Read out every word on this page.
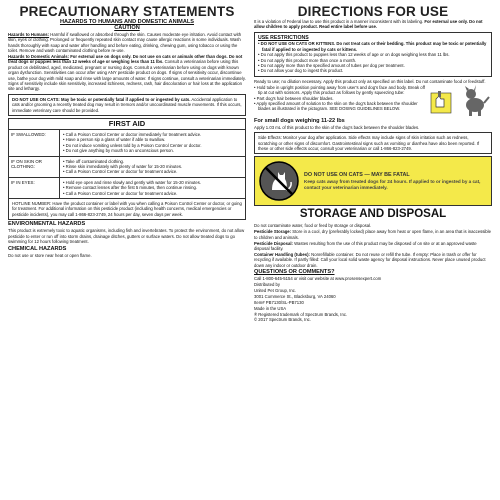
PRECAUTIONARY STATEMENTS
HAZARDS TO HUMANS AND DOMESTIC ANIMALS
CAUTION
Hazards to Humans: Harmful if swallowed or absorbed through the skin. Causes moderate eye irritation. Avoid contact with skin, eyes or clothing. Prolonged or frequently repeated skin contact may cause allergic reactions in some individuals. Wash hands thoroughly with soap and water after handling and before eating, drinking, chewing gum, using tobacco or using the toilet. Remove and wash contaminated clothing before re-use.
Hazards to Domestic Animals: For external use on dogs only. Do not use on cats or animals other than dogs. Do not treat dogs or puppies less than 12 weeks of age or weighing less than 11 lbs. Consult a veterinarian before using this product on debilitated, aged, medicated, pregnant or nursing dogs. Consult a veterinarian before using on dogs with known organ dysfunction. Sensitivities can occur after using ANY pesticide product on dogs. If signs of sensitivity occur, discontinue use, bathe your dog with mild soap and rinse with large amounts of water. If signs continue, consult a veterinarian immediately. Signs of sensitivity include skin sensitivity, increased itchiness, redness, rash, hair discoloration or hair loss at the application site and lethargy.
DO NOT USE ON CATS: May be toxic or potentially fatal if applied to or ingested by cats. Accidental application to cats and/or grooming a recently treated dog may result in tremors and/or uncoordinated muscle movements. If this occurs, immediate veterinary care should be provided.
FIRST AID
IF SWALLOWED:	• Call a Poison Control Center or doctor immediately for treatment advice.
• Have a person sip a glass of water if able to swallow.
• Do not induce vomiting unless told by a Poison Control Center or doctor.
• Do not give anything by mouth to an unconscious person.
IF ON SKIN OR CLOTHING:
• Take off contaminated clothing.
• Rinse skin immediately with plenty of water for 15-20 minutes.
• Call a Poison Control Center or doctor for treatment advice.
IF IN EYES:	• Hold eye open and rinse slowly and gently with water for 15-20 minutes.
• Remove contact lenses after the first 5 minutes, then continue rinsing.
• Call a Poison Control Center or doctor for treatment advice.
HOTLINE NUMBER: Have the product container or label with you when calling a Poison Control Center or doctor, or going for treatment. For additional information on this pesticide product (including health concerns, medical emergencies or pesticide incidents), you may call 1-866-823-2749, 24 hours per day, seven days per week.
ENVIRONMENTAL HAZARDS
This product is extremely toxic to aquatic organisms, including fish and invertebrates. To protect the environment, do not allow pesticide to enter or run off into storm drains, drainage ditches, gutters or surface waters. Do not allow treated dogs to go swimming for 12 hours following treatment.
CHEMICAL HAZARDS
Do not use or store near heat or open flame.
DIRECTIONS FOR USE
It is a violation of Federal law to use this product in a manner inconsistent with its labeling. For external use only. Do not allow children to apply product. Read entire label before use.
USE RESTRICTIONS
• DO NOT USE ON CATS OR KITTENS. Do not treat cats or their bedding. This product may be toxic or potentially fatal if applied to or ingested by cats or kittens.
• Do not apply this product to puppies less than 12 weeks of age or on dogs weighing less than 11 lbs.
• Do not apply this product more than once a month.
• Do not apply more than the specified amount of tubes per dog per treatment.
• Do not allow your dog to ingest this product.
Ready to use; no dilution necessary. Apply this product only as specified on this label. Do not contaminate food or feedstuff.
• Hold tube in upright position pointing away from user's and dog's face and body. Break off tip at cut with scissors. Apply this product as follows by gently squeezing tube:
• Part dog's hair between shoulder blades.
• Apply specified amount of solution to the skin on the dog's back between the shoulder blades as illustrated in the pictogram. SEE DOSING GUIDELINES BELOW.
For small dogs weighing 11-22 lbs
Apply 1.03 mL of this product to the skin of the dog's back between the shoulder blades.
Side Effects: Monitor your dog after application. Side effects may include signs of skin irritation such as redness, scratching or other signs of discomfort. Gastrointestinal signs such as vomiting or diarrhea have also been reported. If these or other side effects occur, consult your veterinarian or call 1-866-823-2749.
DO NOT USE ON CATS — MAY BE FATAL
Keep cats away from treated dogs for 24 hours. If applied to or ingested by a cat, contact your veterinarian immediately.
STORAGE AND DISPOSAL
Do not contaminate water, food or feed by storage or disposal.
Pesticide Storage: Store in a cool, dry (preferably locked) place away from heat or open flame, in an area that is inaccessible to children and animals.
Pesticide Disposal: Wastes resulting from the use of this product may be disposed of on site or at an approved waste disposal facility.
Container Handling (tubes): Nonrefillable container. Do not reuse or refill the tube. If empty: Place in trash or offer for recycling if available. If partly filled: Call your local solid waste agency for disposal instructions. Never place unused product down any indoor or outdoor drain.
QUESTIONS OR COMMENTS?
Call 1-800-645-5154 or visit our website at www.prosensexpert.com
Distributed by
United Pet Group, Inc.
3001 Commerce St., Blacksburg, VA 24060
Item# PB7130/SL-PB7130
Made in the USA
® Registered trademark of Spectrum Brands, Inc.
© 2017 Spectrum Brands, Inc.
